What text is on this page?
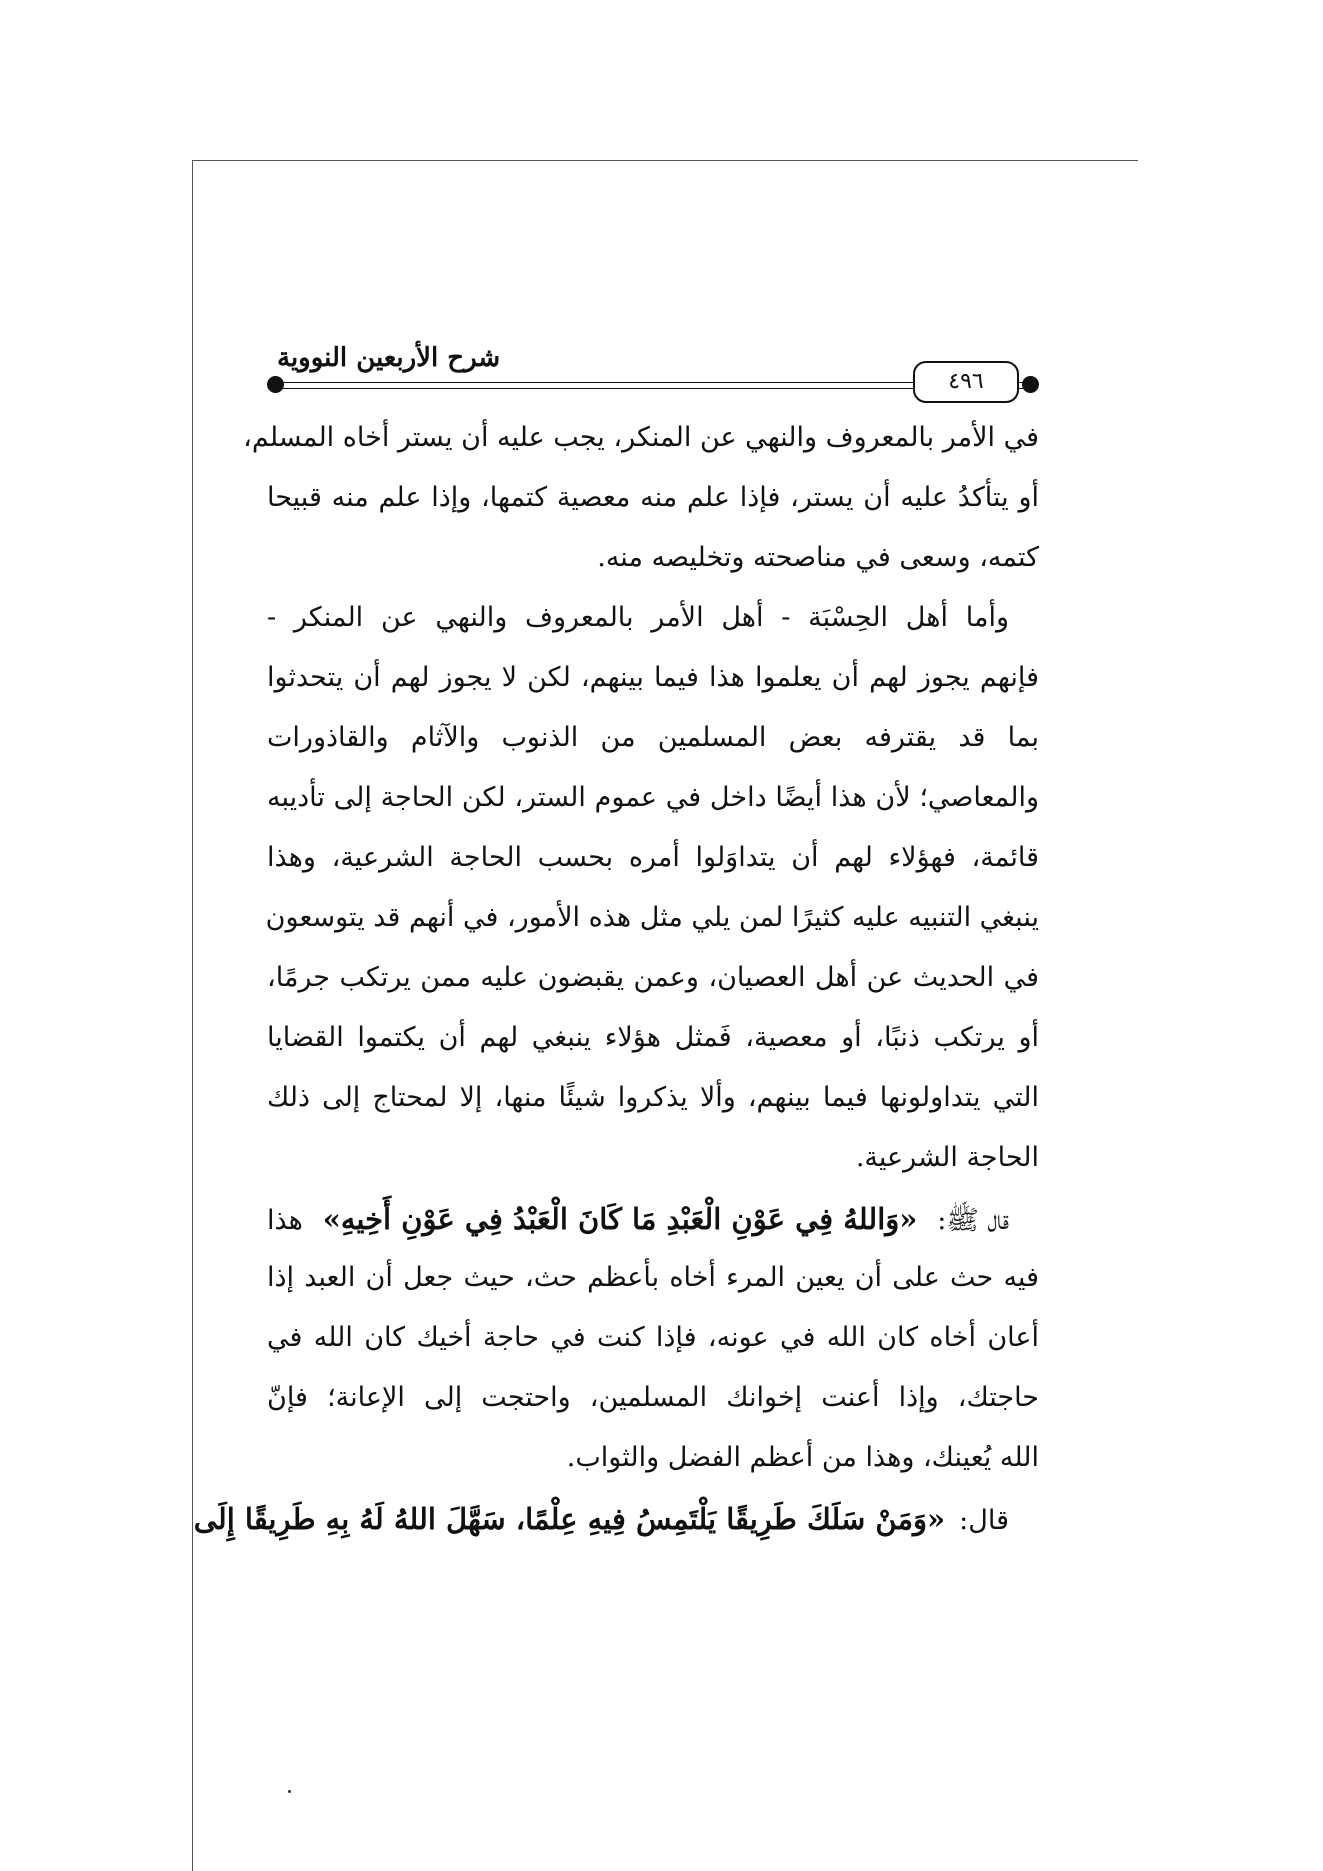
شرح الأربعين النووية
٤٩٦
في الأمر بالمعروف والنهي عن المنكر، يجب عليه أن يستر أخاه المسلم،
أو يتأكدُ عليه أن يستر، فإذا علم منه معصية كتمها، وإذا علم منه قبيحا
كتمه، وسعى في مناصحته وتخليصه منه.
وأما أهل الحِسْبَة - أهل الأمر بالمعروف والنهي عن المنكر -
فإنهم يجوز لهم أن يعلموا هذا فيما بينهم، لكن لا يجوز لهم أن يتحدثوا
بما قد يقترفه بعض المسلمين من الذنوب والآثام والقاذورات
والمعاصي؛ لأن هذا أيضًا داخل في عموم الستر، لكن الحاجة إلى تأديبه
قائمة، فهؤلاء لهم أن يتداوَلوا أمره بحسب الحاجة الشرعية، وهذا
ينبغي التنبيه عليه كثيرًا لمن يلي مثل هذه الأمور، في أنهم قد يتوسعون
في الحديث عن أهل العصيان، وعمن يقبضون عليه ممن يرتكب جرمًا،
أو يرتكب ذنبًا، أو معصية، فَمثل هؤلاء ينبغي لهم أن يكتموا القضايا
التي يتداولونها فيما بينهم، وألا يذكروا شيئًا منها، إلا لمحتاج إلى ذلك
الحاجة الشرعية.
قال ﷺ:
«وَاللهُ فِي عَوْنِ الْعَبْدِ مَا كَانَ الْعَبْدُ فِي عَوْنِ أَخِيهِ»
هذا
فيه حث على أن يعين المرء أخاه بأعظم حث، حيث جعل أن العبد إذا
أعان أخاه كان الله في عونه، فإذا كنت في حاجة أخيك كان الله في
حاجتك، وإذا أعنت إخوانك المسلمين، واحتجت إلى الإعانة؛ فإنّ
الله يُعينك، وهذا من أعظم الفضل والثواب.
قال:
«وَمَنْ سَلَكَ طَرِيقًا يَلْتَمِسُ فِيهِ عِلْمًا، سَهَّلَ اللهُ لَهُ بِهِ طَرِيقًا إِلَى
